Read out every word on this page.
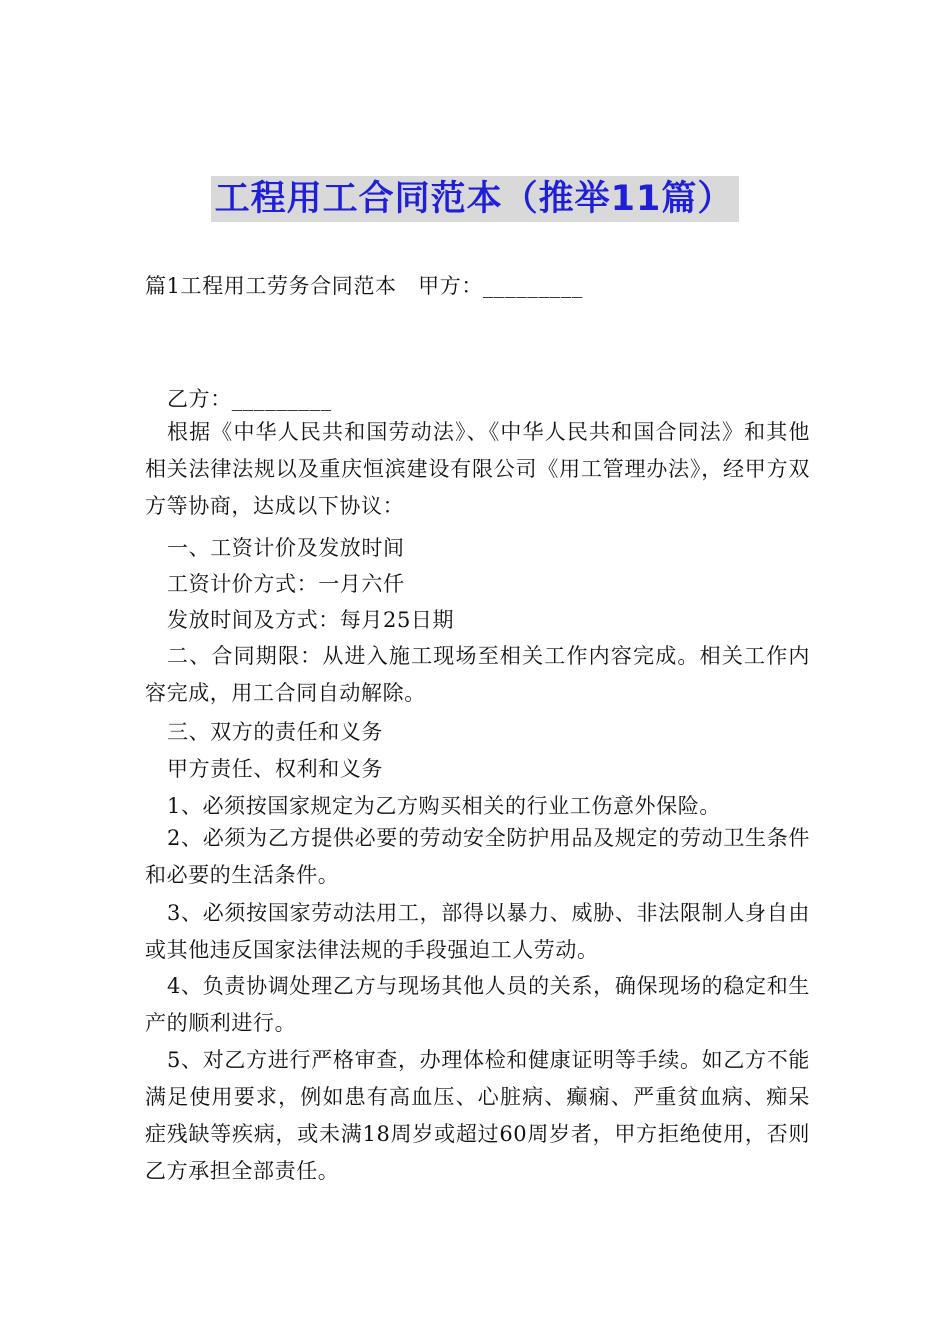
工程用工合同范本（推举11篇）
篇1工程用工劳务合同范本　甲方：_________
乙方：_________
根据《中华人民共和国劳动法》、《中华人民共和国合同法》和其他相关法律法规以及重庆恒滨建设有限公司《用工管理办法》，经甲方双方等协商，达成以下协议：
一、工资计价及发放时间
工资计价方式：一月六仟
发放时间及方式：每月25日期
二、合同期限：从进入施工现场至相关工作内容完成。相关工作内容完成，用工合同自动解除。
三、双方的责任和义务
甲方责任、权利和义务
1、必须按国家规定为乙方购买相关的行业工伤意外保险。
2、必须为乙方提供必要的劳动安全防护用品及规定的劳动卫生条件和必要的生活条件。
3、必须按国家劳动法用工，部得以暴力、威胁、非法限制人身自由或其他违反国家法律法规的手段强迫工人劳动。
4、负责协调处理乙方与现场其他人员的关系，确保现场的稳定和生产的顺利进行。
5、对乙方进行严格审查，办理体检和健康证明等手续。如乙方不能满足使用要求，例如患有高血压、心脏病、癫痫、严重贫血病、痴呆症残缺等疾病，或未满18周岁或超过60周岁者，甲方拒绝使用，否则乙方承担全部责任。
